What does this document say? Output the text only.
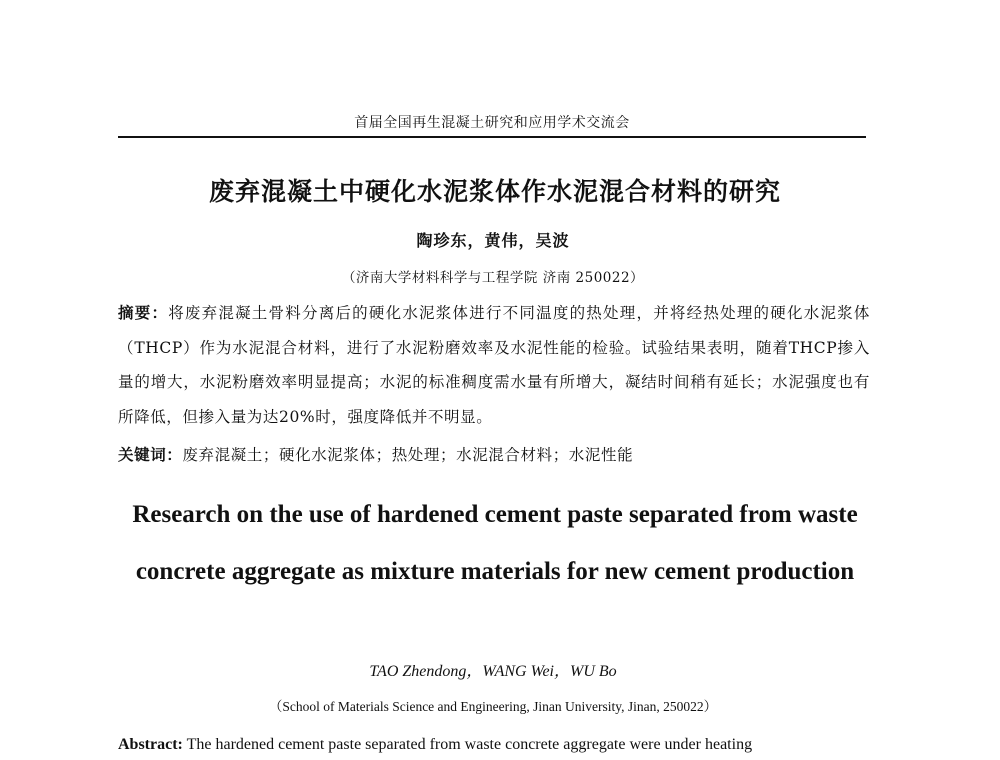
首届全国再生混凝土研究和应用学术交流会
废弃混凝土中硬化水泥浆体作水泥混合材料的研究
陶珍东，黄伟，吴波
（济南大学材料科学与工程学院 济南 250022）
摘要：将废弃混凝土骨料分离后的硬化水泥浆体进行不同温度的热处理，并将经热处理的硬化水泥浆体（THCP）作为水泥混合材料，进行了水泥粉磨效率及水泥性能的检验。试验结果表明，随着THCP掺入量的增大，水泥粉磨效率明显提高；水泥的标准稠度需水量有所增大，凝结时间稍有延长；水泥强度也有所降低，但掺入量为达20%时，强度降低并不明显。
关键词：废弃混凝土；硬化水泥浆体；热处理；水泥混合材料；水泥性能
Research on the use of hardened cement paste separated from waste concrete aggregate as mixture materials for new cement production
TAO Zhendong，WANG Wei，WU Bo
（School of Materials Science and Engineering, Jinan University, Jinan, 250022）
Abstract: The hardened cement paste separated from waste concrete aggregate were under heating
